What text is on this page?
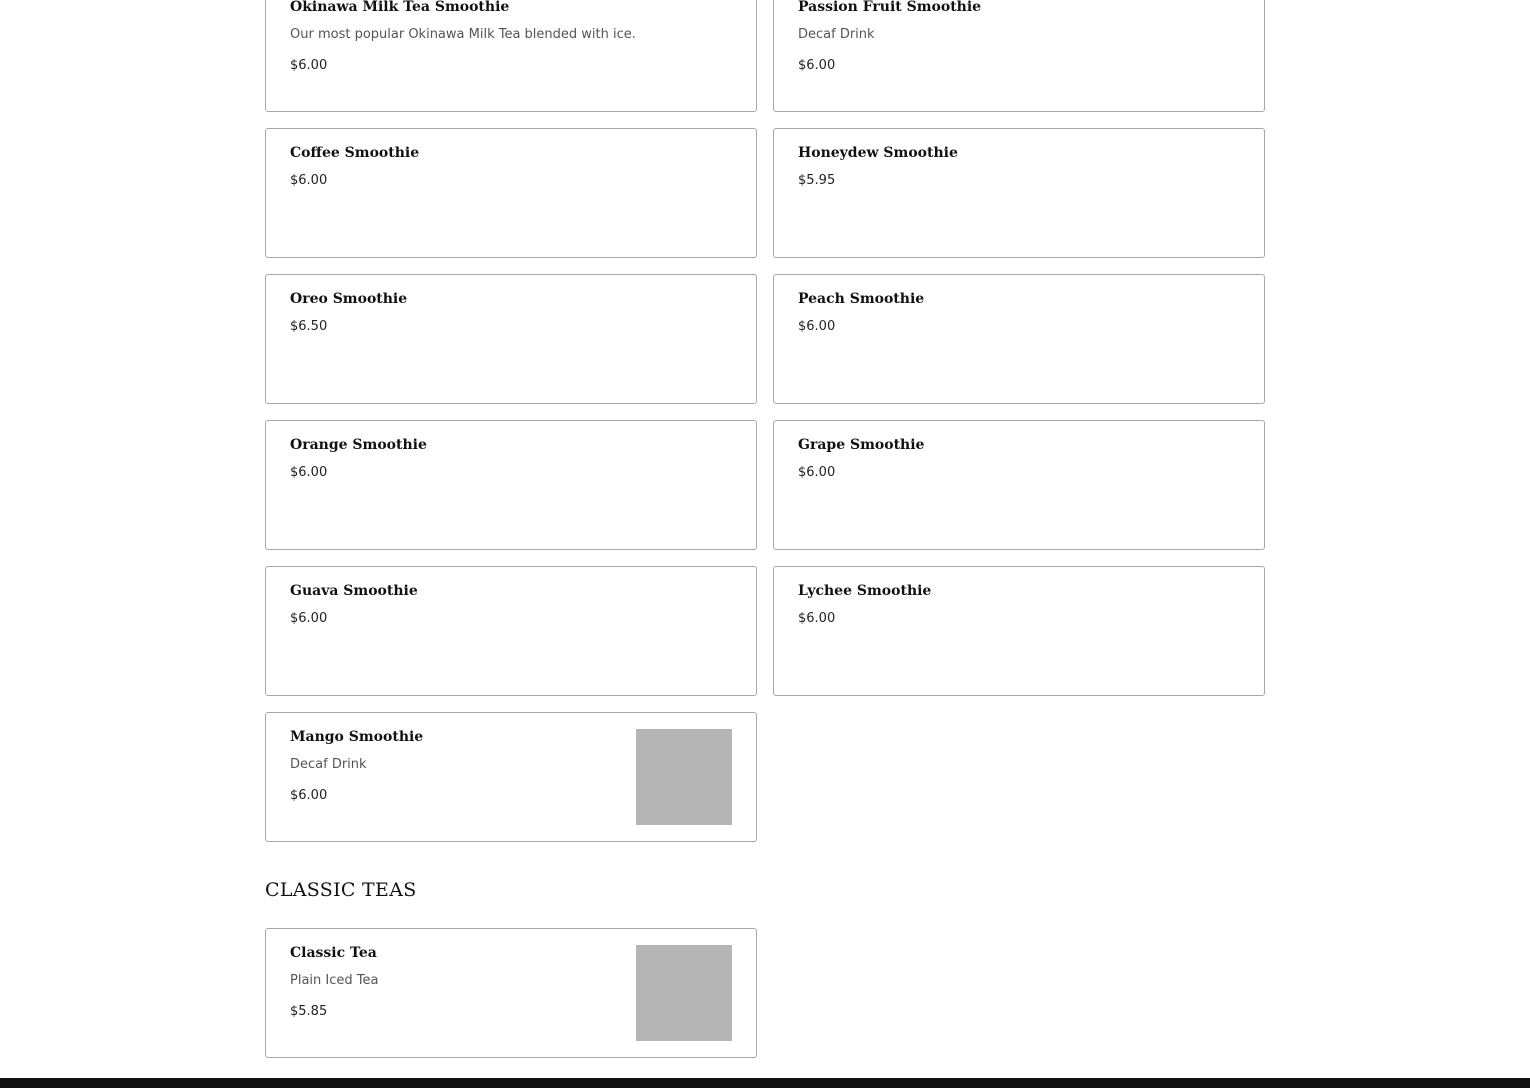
Okinawa Milk Tea Smoothie
Our most popular Okinawa Milk Tea blended with ice.
$6.00
Passion Fruit Smoothie
Decaf Drink
$6.00
Coffee Smoothie
$6.00
Honeydew Smoothie
$5.95
Oreo Smoothie
$6.50
Peach Smoothie
$6.00
Orange Smoothie
$6.00
Grape Smoothie
$6.00
Guava Smoothie
$6.00
Lychee Smoothie
$6.00
Mango Smoothie
Decaf Drink
$6.00
CLASSIC TEAS
Classic Tea
Plain Iced Tea
$5.85
